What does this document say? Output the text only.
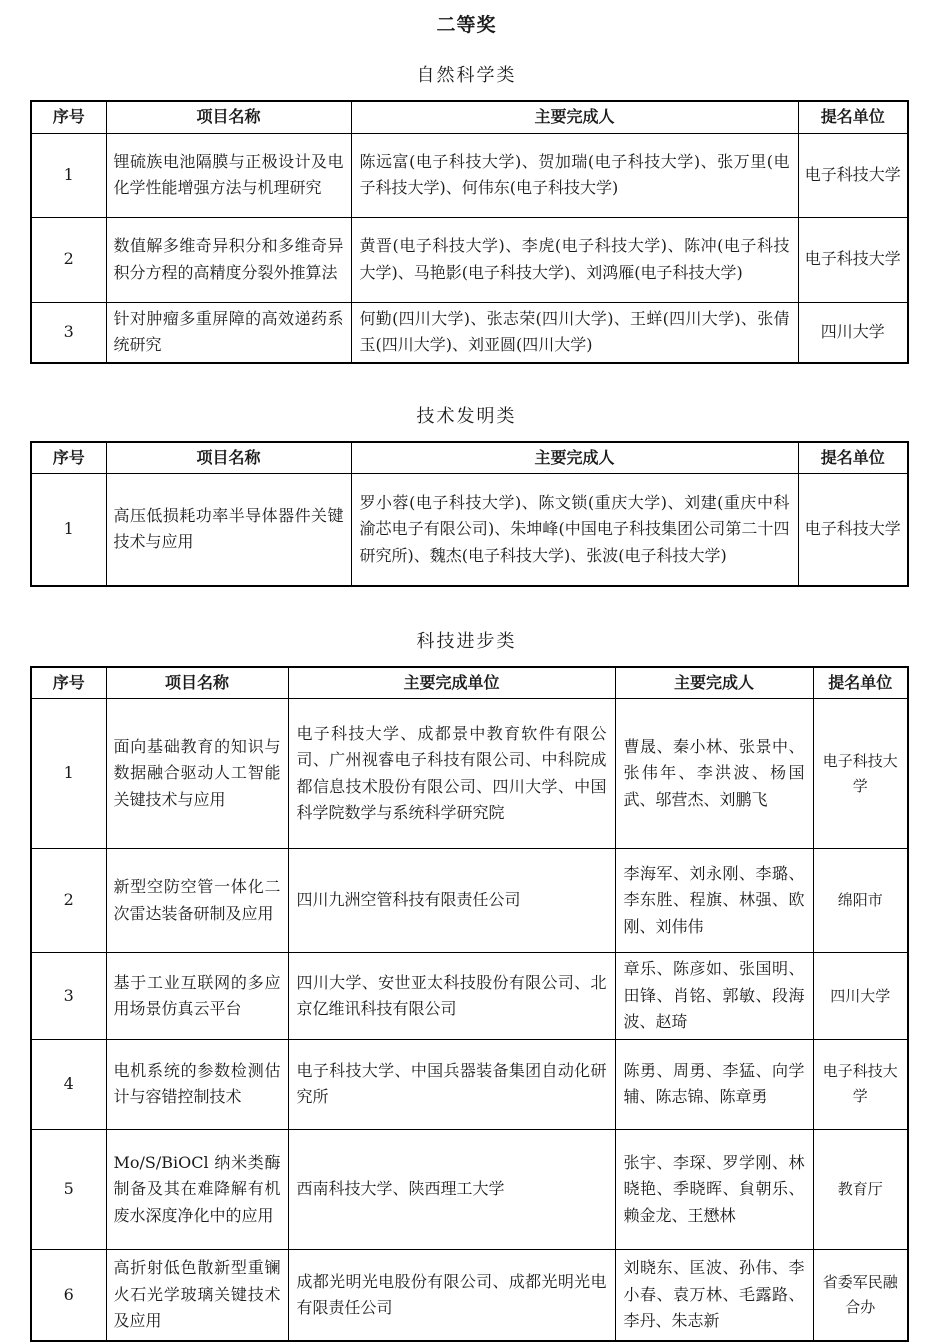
二等奖
自然科学类
序号	项目名称	主要完成人	提名单位
1	锂硫族电池隔膜与正极设计及电化学性能增强方法与机理研究	陈远富(电子科技大学)、贺加瑞(电子科技大学)、张万里(电子科技大学)、何伟东(电子科技大学)	电子科技大学
2	数值解多维奇异积分和多维奇异积分方程的高精度分裂外推算法	黄晋(电子科技大学)、李虎(电子科技大学)、陈冲(电子科技大学)、马艳影(电子科技大学)、刘鸿雁(电子科技大学)	电子科技大学
3	针对肿瘤多重屏障的高效递药系统研究	何勤(四川大学)、张志荣(四川大学)、王蛘(四川大学)、张倩玉(四川大学)、刘亚圆(四川大学)	四川大学
技术发明类
序号	项目名称	主要完成人	提名单位
1	高压低损耗功率半导体器件关键技术与应用	罗小蓉(电子科技大学)、陈文锁(重庆大学)、刘建(重庆中科渝芯电子有限公司)、朱坤峰(中国电子科技集团公司第二十四研究所)、魏杰(电子科技大学)、张波(电子科技大学)	电子科技大学
科技进步类
序号	项目名称	主要完成单位	主要完成人	提名单位
1	面向基础教育的知识与数据融合驱动人工智能关键技术与应用	电子科技大学、成都景中教育软件有限公司、广州视睿电子科技有限公司、中科院成都信息技术股份有限公司、四川大学、中国科学院数学与系统科学研究院	曹晟、秦小林、张景中、张伟年、李洪波、杨国武、邬营杰、刘鹏飞	电子科技大学
2	新型空防空管一体化二次雷达装备研制及应用	四川九洲空管科技有限责任公司	李海军、刘永刚、李璐、李东胜、程旗、林强、欧刚、刘伟伟	绵阳市
3	基于工业互联网的多应用场景仿真云平台	四川大学、安世亚太科技股份有限公司、北京亿维讯科技有限公司	章乐、陈彦如、张国明、田锋、肖铭、郭敏、段海波、赵琦	四川大学
4	电机系统的参数检测估计与容错控制技术	电子科技大学、中国兵器装备集团自动化研究所	陈勇、周勇、李猛、向学辅、陈志锦、陈章勇	电子科技大学
5	Mo/S/BiOCl 纳米类酶制备及其在难降解有机废水深度净化中的应用	西南科技大学、陕西理工大学	张宇、李琛、罗学刚、林晓艳、季晓晖、貟朝乐、赖金龙、王懋林	教育厅
6	高折射低色散新型重镧火石光学玻璃关键技术及应用	成都光明光电股份有限公司、成都光明光电有限责任公司	刘晓东、匡波、孙伟、李小春、袁万林、毛露路、李丹、朱志新	省委军民融合办
